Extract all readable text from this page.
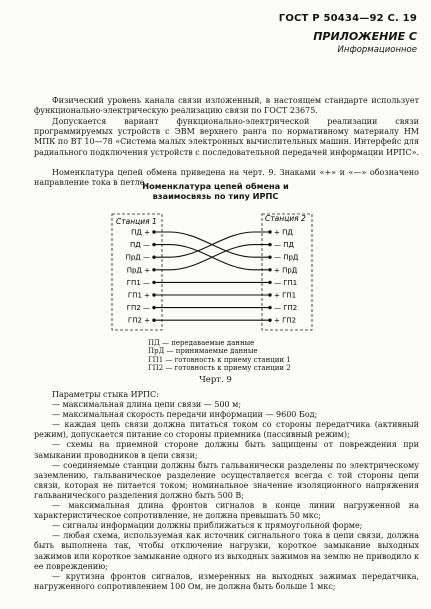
ГОСТ Р 50434—92 С. 19
ПРИЛОЖЕНИЕ С
Информационное

Физический уровень канала связи изложенный, в настоящем стандарте использует функционально-электрическую реализацию связи по ГОСТ 23675.

Допускается вариант функционально-электрической реализации связи программируемых устройств с ЭВМ верхнего ранга по нормативному материалу НМ МПК по ВТ 10—78 «Система малых электронных вычислительных машин. Интерфейс для радиального подключения устройств с последовательной передачей информации ИРПС».

Номенклатура цепей обмена приведена на черт. 9. Знаками «+» и «—» обозначено направление тока в петле.

Номенклатура цепей обмена и
взаимосвязь по типу ИРПС
Станция 1	Станция 2
ПД +
ПД —
ПрД —
ПрД +
ГП1 —
ГП1 +
ГП2 —
ГП2 +
+ ПД
— ПД
— ПрД
+ ПрД
— ГП1
+ ГП1
— ГП2
+ ГП2
ПД — передаваемые данные
ПрД — принимаемые данные
ГП1 — готовность к приему станции 1
ГП2 — готовность к приему станции 2
Черт. 9

Параметры стыка ИРПС:

— максимальная длина цепи связи — 500 м;

— максимальная скорость передачи информации — 9600 Бод;

— каждая цепь связи должна питаться током со стороны передатчика (активный режим), допускается питание со стороны приемника (пассивный режим);

— схемы на приемной стороне должны быть защищены от повреждения при замыкании проводников в цепи связи;

— соединяемые станции должны быть гальванически разделены по электрическому заземлению, гальваническое разделение осуществляется всегда с той стороны цепи связи, которая не питается током; номинальное значение изоляционного напряжения гальванического разделения должно быть 500 В;

— максимальная длина фронтов сигналов в конце линии нагруженной на характеристическое сопротивление, не должна превышать 50 мкс;

— сигналы информации должны приближаться к прямоугольной форме;

— любая схема, используемая как источник сигнального тока в цепи связи, должна быть выполнена так, чтобы отключение нагрузки, короткое замыкание выходных зажимов или короткое замыкание одного из выходных зажимов на землю не приводило к ее повреждению;

— крутизна фронтов сигналов, измеренных на выходных зажимах передатчика, нагруженного сопротивлением 100 Ом, не должна быть больше 1 мкс;
